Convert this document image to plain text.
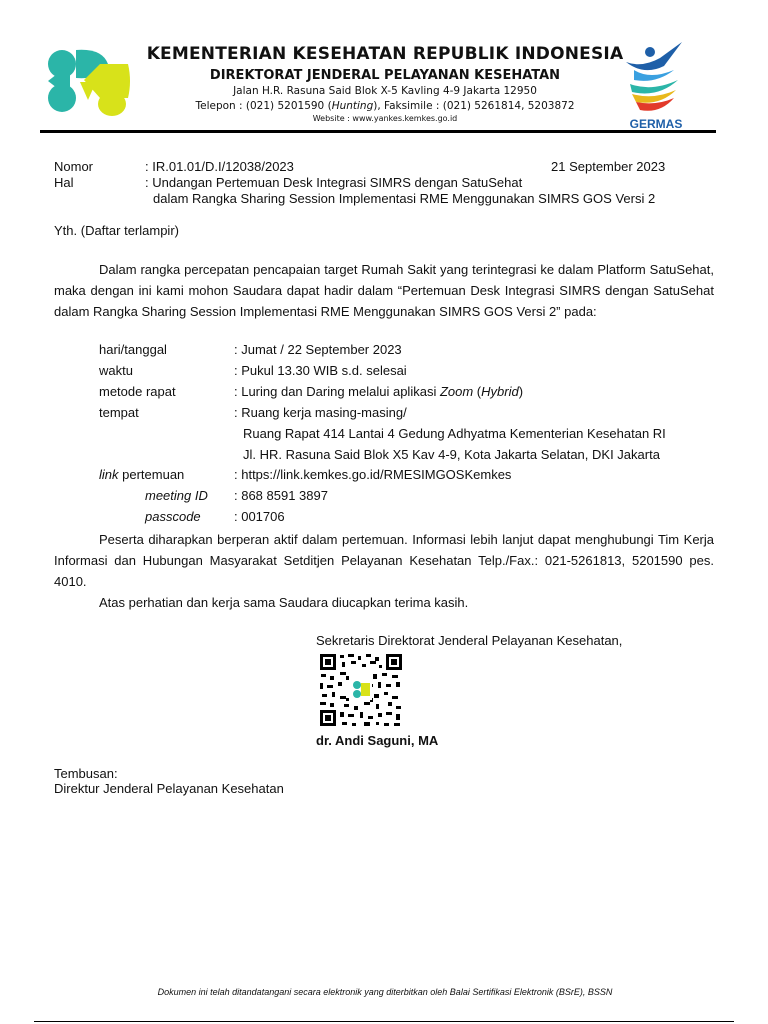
KEMENTERIAN KESEHATAN REPUBLIK INDONESIA
DIREKTORAT JENDERAL PELAYANAN KESEHATAN
Jalan H.R. Rasuna Said Blok X-5 Kavling 4-9 Jakarta 12950
Telepon : (021) 5201590 (Hunting), Faksimile : (021) 5261814, 5203872
Website : www.yankes.kemkes.go.id	GERMAS
Nomor	: IR.01.01/D.I/12038/2023	21 September 2023
Hal	: Undangan Pertemuan Desk Integrasi SIMRS dengan SatuSehat
dalam Rangka Sharing Session Implementasi RME Menggunakan SIMRS GOS Versi 2
Yth. (Daftar terlampir)
Dalam rangka percepatan pencapaian target Rumah Sakit yang terintegrasi ke dalam Platform SatuSehat, maka dengan ini kami mohon Saudara dapat hadir dalam “Pertemuan Desk Integrasi SIMRS dengan SatuSehat dalam Rangka Sharing Session Implementasi RME Menggunakan SIMRS GOS Versi 2” pada:
hari/tanggal	: Jumat / 22 September 2023
waktu	: Pukul 13.30 WIB s.d. selesai
metode rapat	: Luring dan Daring melalui aplikasi Zoom (Hybrid)
tempat	: Ruang kerja masing-masing/
Ruang Rapat 414 Lantai 4 Gedung Adhyatma Kementerian Kesehatan RI
Jl. HR. Rasuna Said Blok X5 Kav 4-9, Kota Jakarta Selatan, DKI Jakarta
link pertemuan	: https://link.kemkes.go.id/RMESIMGOSKemkes
meeting ID : 868 8591 3897
passcode	: 001706
Peserta diharapkan berperan aktif dalam pertemuan. Informasi lebih lanjut dapat menghubungi Tim Kerja Informasi dan Hubungan Masyarakat Setditjen Pelayanan Kesehatan Telp./Fax.: 021-5261813, 5201590 pes. 4010.
Atas perhatian dan kerja sama Saudara diucapkan terima kasih.
Sekretaris Direktorat Jenderal Pelayanan Kesehatan,
dr. Andi Saguni, MA
Tembusan:
Direktur Jenderal Pelayanan Kesehatan
Dokumen ini telah ditandatangani secara elektronik yang diterbitkan oleh Balai Sertifikasi Elektronik (BSrE), BSSN
